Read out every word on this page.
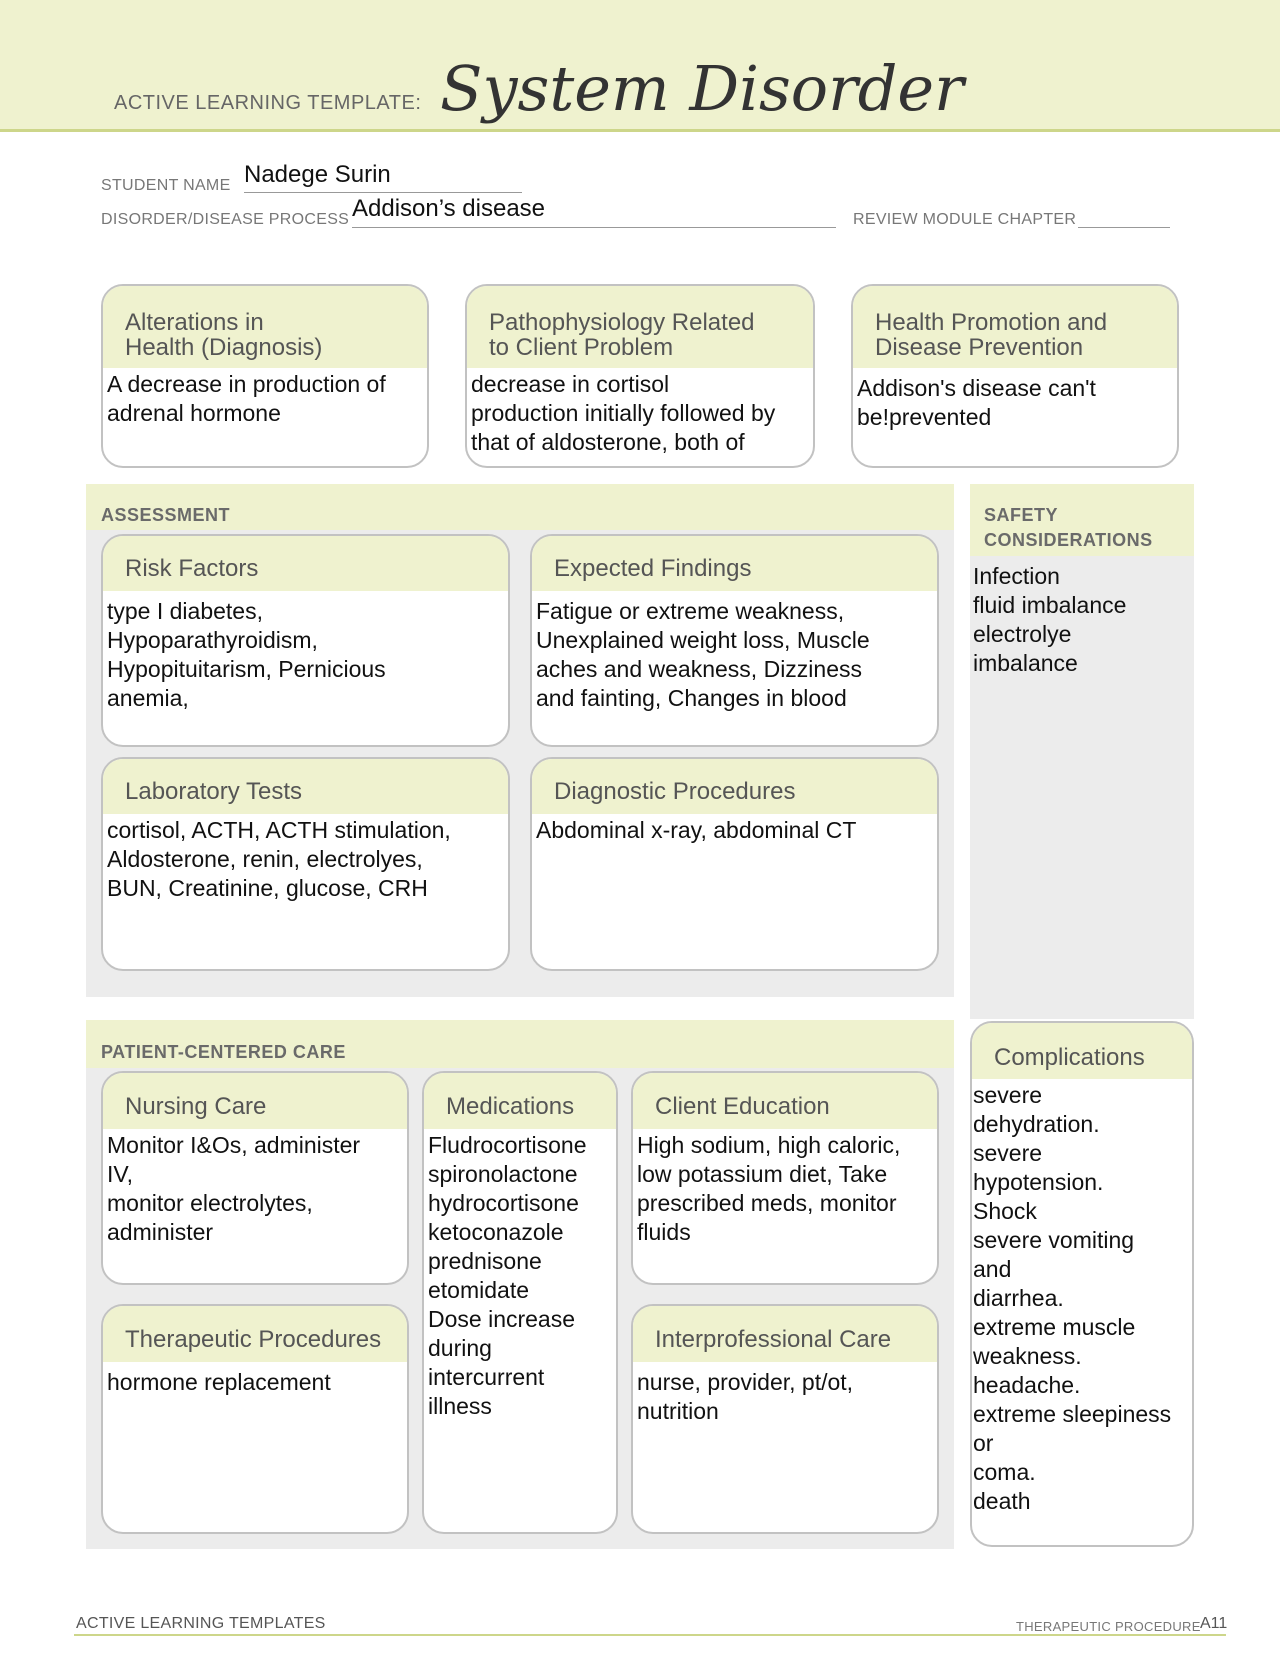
ACTIVE LEARNING TEMPLATE: System Disorder
STUDENT NAME Nadege Surin
DISORDER/DISEASE PROCESS Addison’s disease	REVIEW MODULE CHAPTER
Alterations in
Health (Diagnosis)
A decrease in production of
adrenal hormone
Pathophysiology Related
to Client Problem
decrease in cortisol
production initially followed by
that of aldosterone, both of
Health Promotion and
Disease Prevention
Addison's disease can't
be!prevented
ASSESSMENT
Risk Factors
type I diabetes,
Hypoparathyroidism,
Hypopituitarism, Pernicious
anemia,
Expected Findings
Fatigue or extreme weakness,
Unexplained weight loss, Muscle
aches and weakness, Dizziness
and fainting, Changes in blood
Laboratory Tests
cortisol, ACTH, ACTH stimulation,
Aldosterone, renin, electrolyes,
BUN, Creatinine, glucose, CRH
Diagnostic Procedures
Abdominal x-ray, abdominal CT
SAFETY
CONSIDERATIONS
Infection
fluid imbalance
electrolye
imbalance
PATIENT-CENTERED CARE
Nursing Care
Monitor I&Os, administer
IV,
monitor electrolytes,
administer
Medications
Fludrocortisone
spironolactone
hydrocortisone
ketoconazole
prednisone
etomidate
Dose increase
during
intercurrent
illness
Client Education
High sodium, high caloric,
low potassium diet, Take
prescribed meds, monitor
fluids
Therapeutic Procedures
hormone replacement
Interprofessional Care
nurse, provider, pt/ot,
nutrition
Complications
severe
dehydration.
severe
hypotension.
Shock
severe vomiting
and
diarrhea.
extreme muscle
weakness.
headache.
extreme sleepiness
or
coma.
death
ACTIVE LEARNING TEMPLATES	THERAPEUTIC PROCEDURE A11
